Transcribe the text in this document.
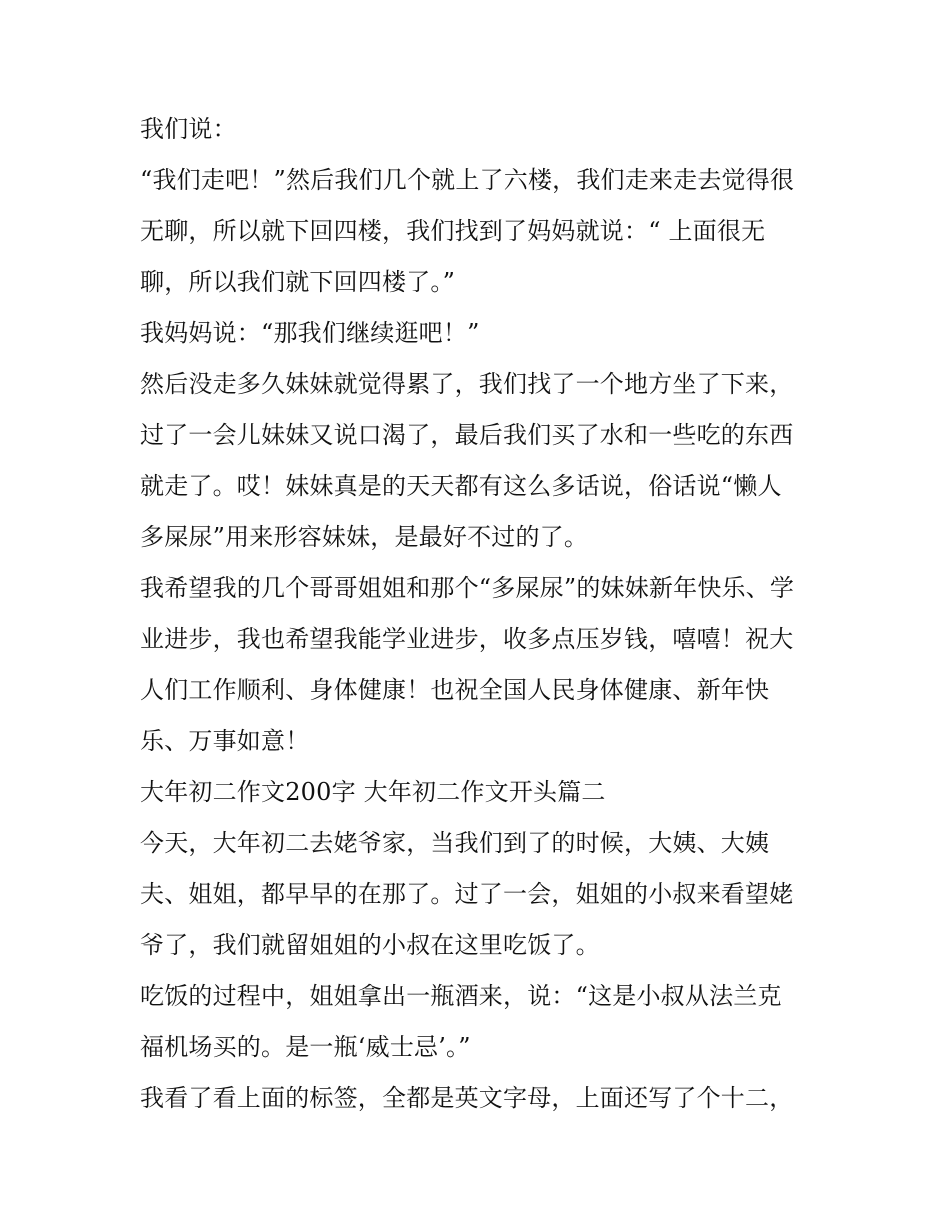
我们说：
“我们走吧！”然后我们几个就上了六楼，我们走来走去觉得很
无聊，所以就下回四楼，我们找到了妈妈就说：“ 上面很无
聊，所以我们就下回四楼了。”
我妈妈说：“那我们继续逛吧！”
然后没走多久妹妹就觉得累了，我们找了一个地方坐了下来，
过了一会儿妹妹又说口渴了，最后我们买了水和一些吃的东西
就走了。哎！妹妹真是的天天都有这么多话说，俗话说“懒人
多屎尿”用来形容妹妹，是最好不过的了。
我希望我的几个哥哥姐姐和那个“多屎尿”的妹妹新年快乐、学
业进步，我也希望我能学业进步，收多点压岁钱，嘻嘻！祝大
人们工作顺利、身体健康！也祝全国人民身体健康、新年快
乐、万事如意！
大年初二作文200字 大年初二作文开头篇二
今天，大年初二去姥爷家，当我们到了的时候，大姨、大姨
夫、姐姐，都早早的在那了。过了一会，姐姐的小叔来看望姥
爷了，我们就留姐姐的小叔在这里吃饭了。
吃饭的过程中，姐姐拿出一瓶酒来，说：“这是小叔从法兰克
福机场买的。是一瓶‘威士忌’。”
我看了看上面的标签，全都是英文字母，上面还写了个十二，
